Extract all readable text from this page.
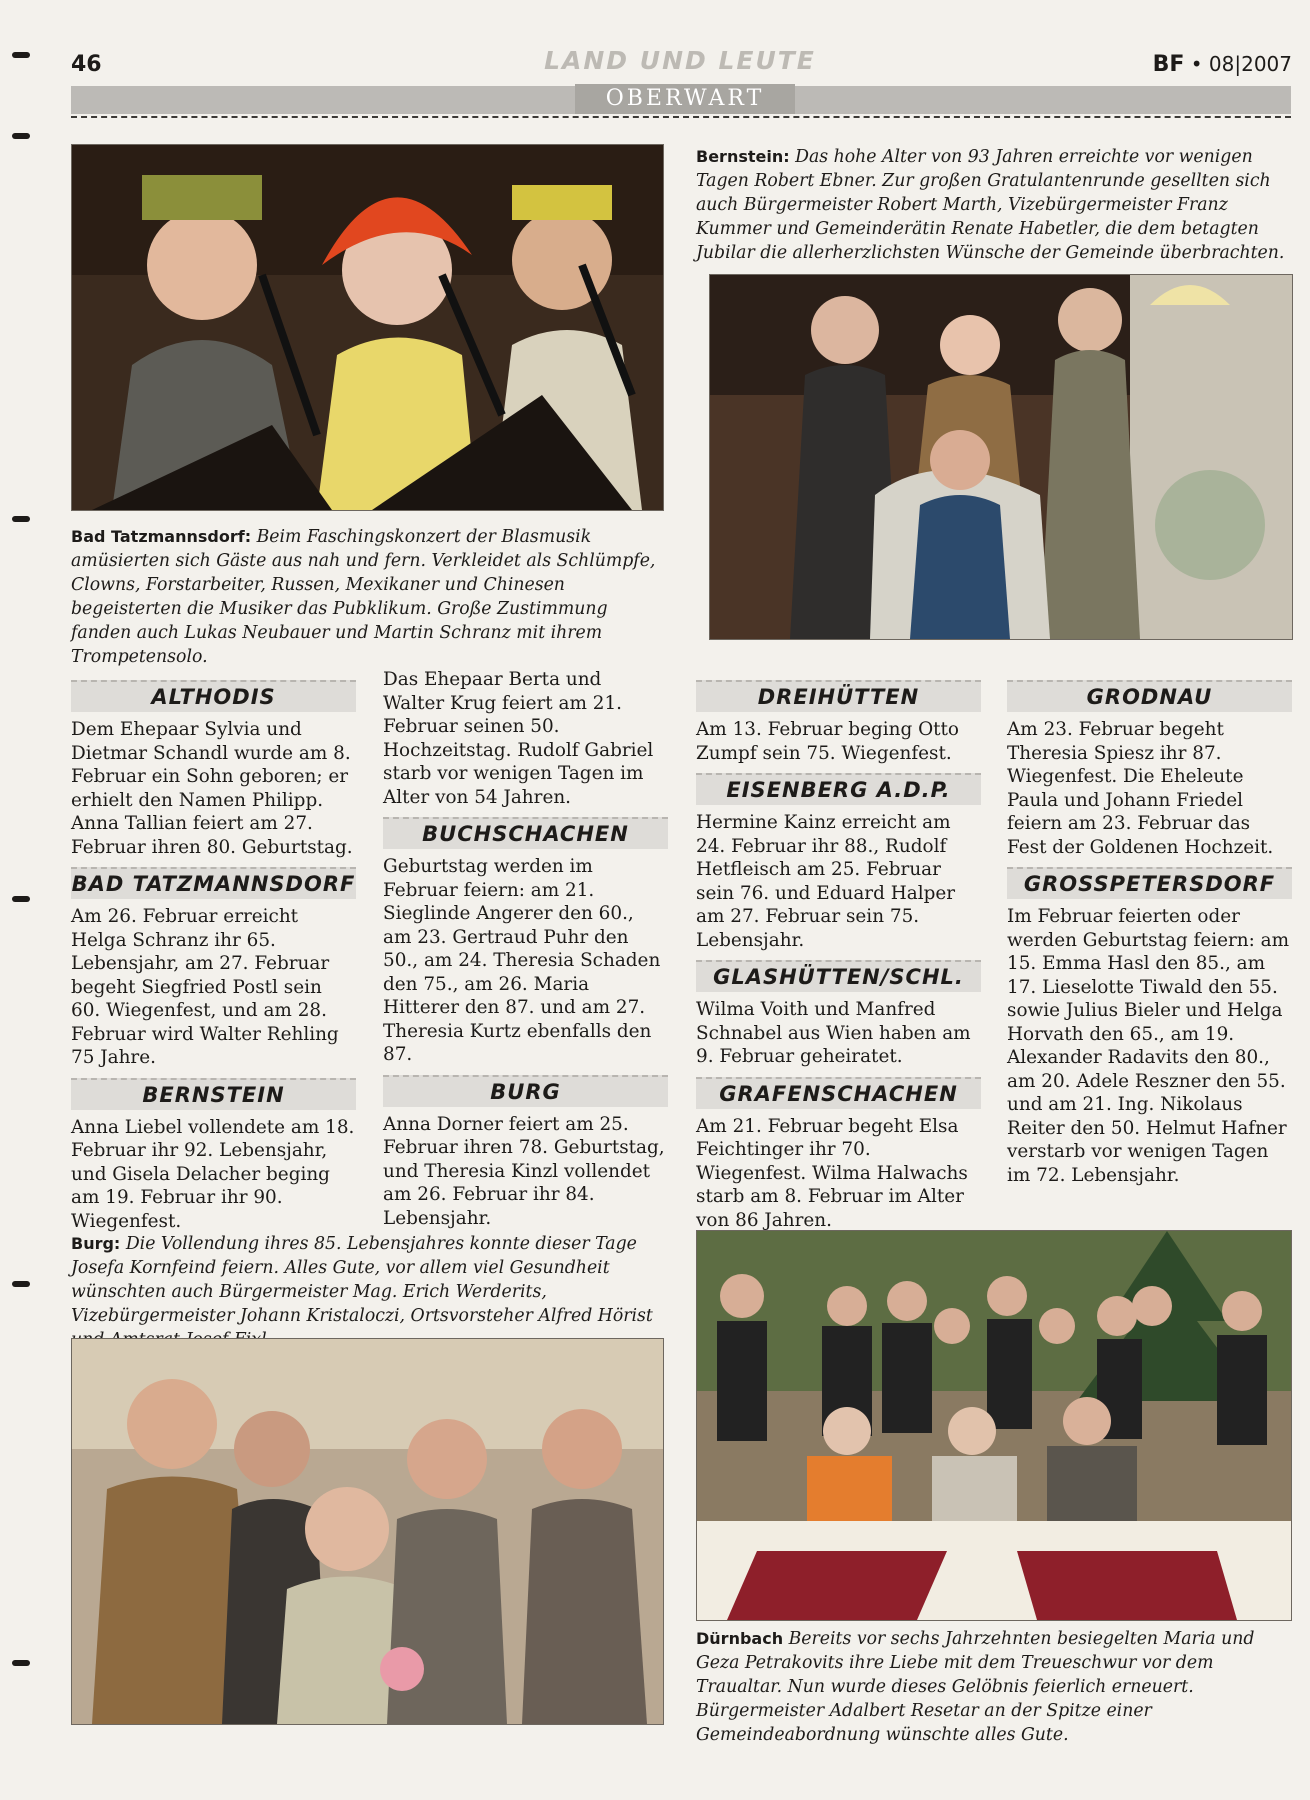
46	LAND UND LEUTE	BF • 08|2007
OBERWART
Bad Tatzmannsdorf: Beim Faschingskonzert der Blasmusik amüsierten sich Gäste aus nah und fern. Verkleidet als Schlümpfe, Clowns, Forstarbeiter, Russen, Mexikaner und Chinesen begeisterten die Musiker das Pubklikum. Große Zustimmung fanden auch Lukas Neubauer und Martin Schranz mit ihrem Trompetensolo.
Bernstein: Das hohe Alter von 93 Jahren erreichte vor wenigen Tagen Robert Ebner. Zur großen Gratulantenrunde gesellten sich auch Bürgermeister Robert Marth, Vizebürgermeister Franz Kummer und Gemeinderätin Renate Habetler, die dem betagten Jubilar die allerherzlichsten Wünsche der Gemeinde überbrachten.
ALTHODIS

Dem Ehepaar Sylvia und Dietmar Schandl wurde am 8. Februar ein Sohn geboren; er erhielt den Namen Philipp. Anna Tallian feiert am 27. Februar ihren 80. Geburtstag.

BAD TATZMANNSDORF

Am 26. Februar erreicht Helga Schranz ihr 65. Lebensjahr, am 27. Februar begeht Siegfried Postl sein 60. Wiegenfest, und am 28. Februar wird Walter Rehling 75 Jahre.

BERNSTEIN

Anna Liebel vollendete am 18. Februar ihr 92. Lebensjahr, und Gisela Delacher beging am 19. Februar ihr 90. Wiegenfest.

Das Ehepaar Berta und Walter Krug feiert am 21. Februar seinen 50. Hochzeitstag. Rudolf Gabriel starb vor wenigen Tagen im Alter von 54 Jahren.

BUCHSCHACHEN

Geburtstag werden im Februar feiern: am 21. Sieglinde Angerer den 60., am 23. Gertraud Puhr den 50., am 24. Theresia Schaden den 75., am 26. Maria Hitterer den 87. und am 27. Theresia Kurtz ebenfalls den 87.

BURG

Anna Dorner feiert am 25. Februar ihren 78. Geburtstag, und Theresia Kinzl vollendet am 26. Februar ihr 84. Lebensjahr.

DREIHÜTTEN

Am 13. Februar beging Otto Zumpf sein 75. Wiegenfest.

EISENBERG A.D.P.

Hermine Kainz erreicht am 24. Februar ihr 88., Rudolf Hetfleisch am 25. Februar sein 76. und Eduard Halper am 27. Februar sein 75. Lebensjahr.

GLASHÜTTEN/SCHL.

Wilma Voith und Manfred Schnabel aus Wien haben am 9. Februar geheiratet.

GRAFENSCHACHEN

Am 21. Februar begeht Elsa Feichtinger ihr 70. Wiegenfest. Wilma Halwachs starb am 8. Februar im Alter von 86 Jahren.

GRODNAU

Am 23. Februar begeht Theresia Spiesz ihr 87. Wiegenfest. Die Eheleute Paula und Johann Friedel feiern am 23. Februar das Fest der Goldenen Hochzeit.

GROSSPETERSDORF

Im Februar feierten oder werden Geburtstag feiern: am 15. Emma Hasl den 85., am 17. Lieselotte Tiwald den 55. sowie Julius Bieler und Helga Horvath den 65., am 19. Alexander Radavits den 80., am 20. Adele Reszner den 55. und am 21. Ing. Nikolaus Reiter den 50. Helmut Hafner verstarb vor wenigen Tagen im 72. Lebensjahr.

Burg: Die Vollendung ihres 85. Lebensjahres konnte dieser Tage Josefa Kornfeind feiern. Alles Gute, vor allem viel Gesundheit wünschten auch Bürgermeister Mag. Erich Werderits, Vizebürgermeister Johann Kristaloczi, Ortsvorsteher Alfred Hörist
Dürnbach Bereits vor sechs Jahrzehnten besiegelten Maria und Geza Petrakovits ihre Liebe mit dem Treueschwur vor dem Traualtar. Nun wurde dieses Gelöbnis feierlich erneuert. Bürgermeister Adalbert Resetar an der Spitze einer Gemeindeabordnung wünschte alles Gute.
